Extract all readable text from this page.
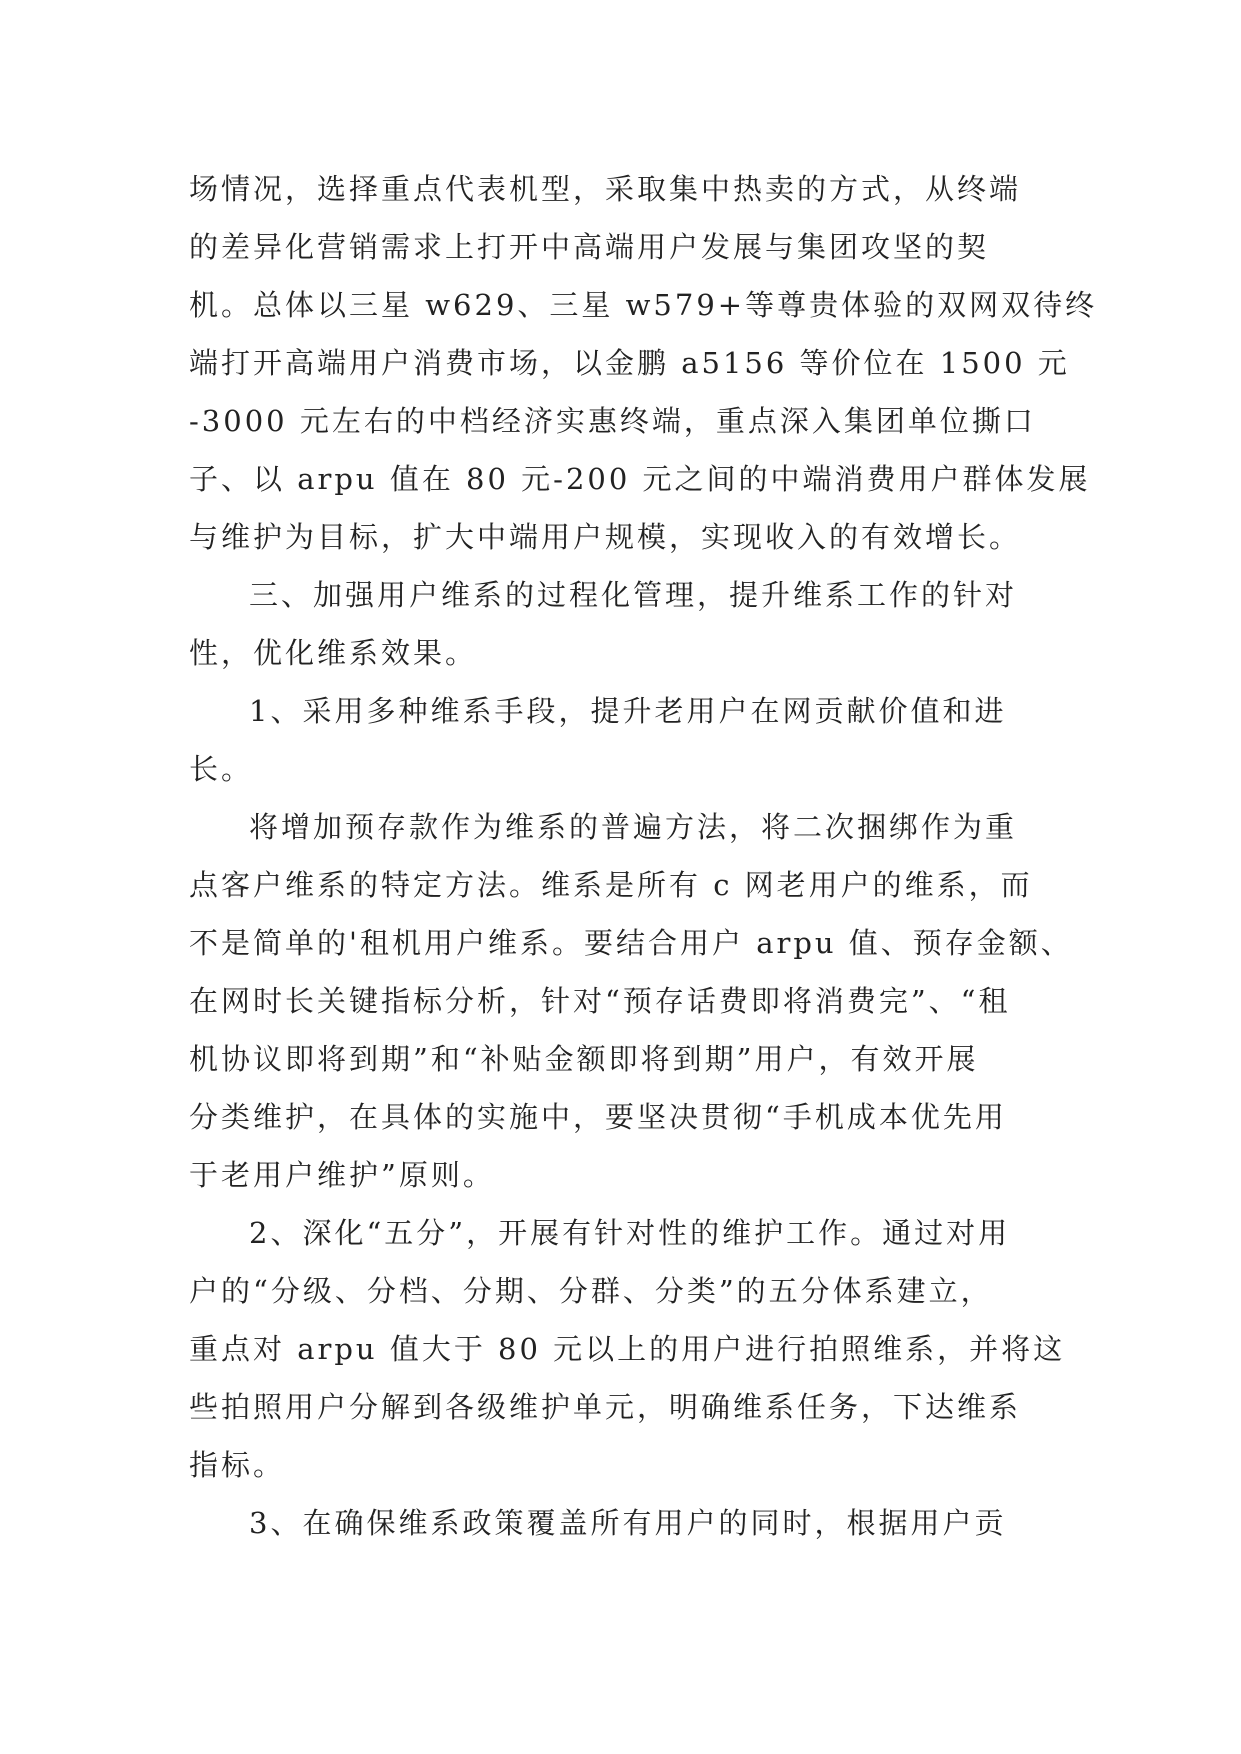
场情况，选择重点代表机型，采取集中热卖的方式，从终端
的差异化营销需求上打开中高端用户发展与集团攻坚的契
机。总体以三星 w629、三星 w579+等尊贵体验的双网双待终
端打开高端用户消费市场，以金鹏 a5156 等价位在 1500 元
-3000 元左右的中档经济实惠终端，重点深入集团单位撕口
子、以 arpu 值在 80 元-200 元之间的中端消费用户群体发展
与维护为目标，扩大中端用户规模，实现收入的有效增长。
三、加强用户维系的过程化管理，提升维系工作的针对
性，优化维系效果。
1、采用多种维系手段，提升老用户在网贡献价值和进
长。
将增加预存款作为维系的普遍方法，将二次捆绑作为重
点客户维系的特定方法。维系是所有 c 网老用户的维系，而
不是简单的'租机用户维系。要结合用户 arpu 值、预存金额、
在网时长关键指标分析，针对“预存话费即将消费完”、“租
机协议即将到期”和“补贴金额即将到期”用户，有效开展
分类维护，在具体的实施中，要坚决贯彻“手机成本优先用
于老用户维护”原则。
2、深化“五分”，开展有针对性的维护工作。通过对用
户的“分级、分档、分期、分群、分类”的五分体系建立，
重点对 arpu 值大于 80 元以上的用户进行拍照维系，并将这
些拍照用户分解到各级维护单元，明确维系任务，下达维系
指标。
3、在确保维系政策覆盖所有用户的同时，根据用户贡
